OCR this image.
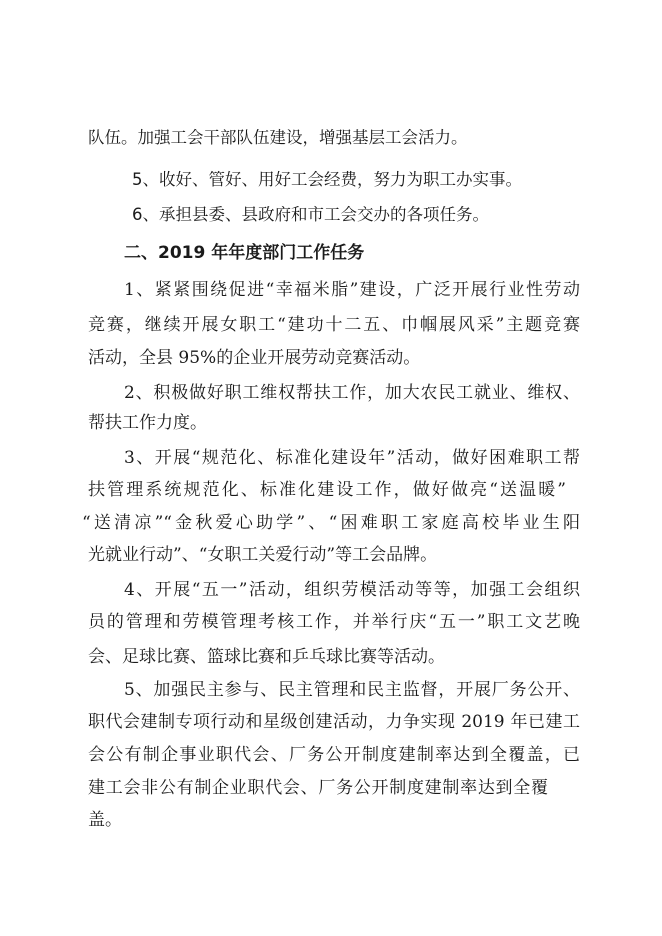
队伍。加强工会干部队伍建设，增强基层工会活力。
5、收好、管好、用好工会经费，努力为职工办实事。
6、承担县委、县政府和市工会交办的各项任务。
二、2019 年年度部门工作任务
1、紧紧围绕促进“幸福米脂”建设，广泛开展行业性劳动
竞赛，继续开展女职工“建功十二五、巾帼展风采”主题竞赛
活动，全县 95%的企业开展劳动竞赛活动。
2、积极做好职工维权帮扶工作，加大农民工就业、维权、
帮扶工作力度。
3、开展“规范化、标准化建设年”活动，做好困难职工帮
扶管理系统规范化、标准化建设工作，做好做亮“送温暖”
“送清凉”“金秋爱心助学”、“困难职工家庭高校毕业生阳
光就业行动”、“女职工关爱行动”等工会品牌。
4、开展“五一”活动，组织劳模活动等等，加强工会组织
员的管理和劳模管理考核工作，并举行庆“五一”职工文艺晚
会、足球比赛、篮球比赛和乒乓球比赛等活动。
5、加强民主参与、民主管理和民主监督，开展厂务公开、
职代会建制专项行动和星级创建活动，力争实现 2019 年已建工
会公有制企事业职代会、厂务公开制度建制率达到全覆盖，已
建工会非公有制企业职代会、厂务公开制度建制率达到全覆
盖。
